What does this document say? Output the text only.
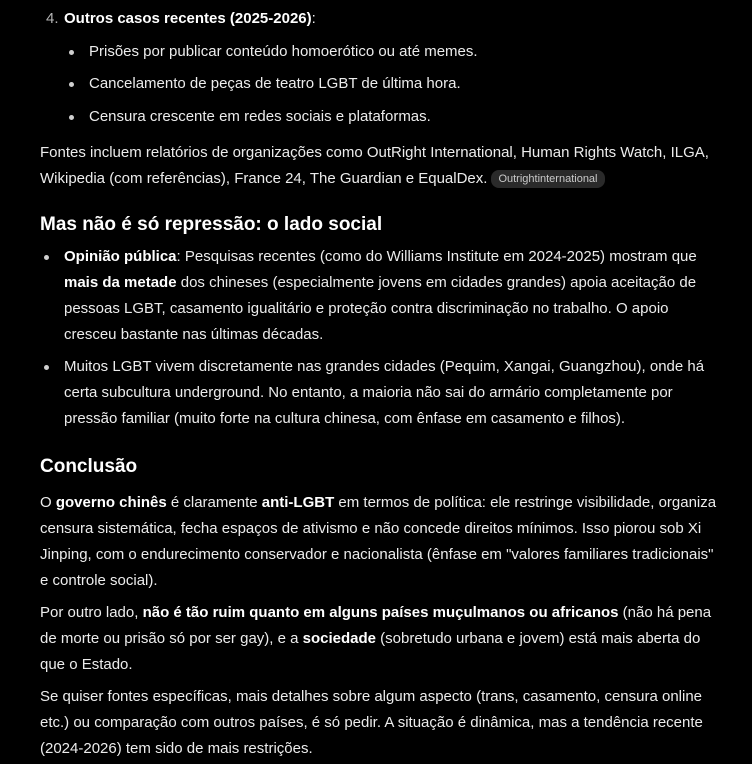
4. Outros casos recentes (2025-2026):
Prisões por publicar conteúdo homoerótico ou até memes.
Cancelamento de peças de teatro LGBT de última hora.
Censura crescente em redes sociais e plataformas.

Fontes incluem relatórios de organizações como OutRight International, Human Rights Watch, ILGA, Wikipedia (com referências), France 24, The Guardian e EqualDex. Outrightinternational

Mas não é só repressão: o lado social
Opinião pública: Pesquisas recentes (como do Williams Institute em 2024-2025) mostram que mais da metade dos chineses (especialmente jovens em cidades grandes) apoia aceitação de pessoas LGBT, casamento igualitário e proteção contra discriminação no trabalho. O apoio cresceu bastante nas últimas décadas.
Muitos LGBT vivem discretamente nas grandes cidades (Pequim, Xangai, Guangzhou), onde há certa subcultura underground. No entanto, a maioria não sai do armário completamente por pressão familiar (muito forte na cultura chinesa, com ênfase em casamento e filhos).
Conclusão

O governo chinês é claramente anti-LGBT em termos de política: ele restringe visibilidade, organiza censura sistemática, fecha espaços de ativismo e não concede direitos mínimos. Isso piorou sob Xi Jinping, com o endurecimento conservador e nacionalista (ênfase em "valores familiares tradicionais" e controle social).

Por outro lado, não é tão ruim quanto em alguns países muçulmanos ou africanos (não há pena de morte ou prisão só por ser gay), e a sociedade (sobretudo urbana e jovem) está mais aberta do que o Estado.

Se quiser fontes específicas, mais detalhes sobre algum aspecto (trans, casamento, censura online etc.) ou comparação com outros países, é só pedir. A situação é dinâmica, mas a tendência recente (2024-2026) tem sido de mais restrições.
